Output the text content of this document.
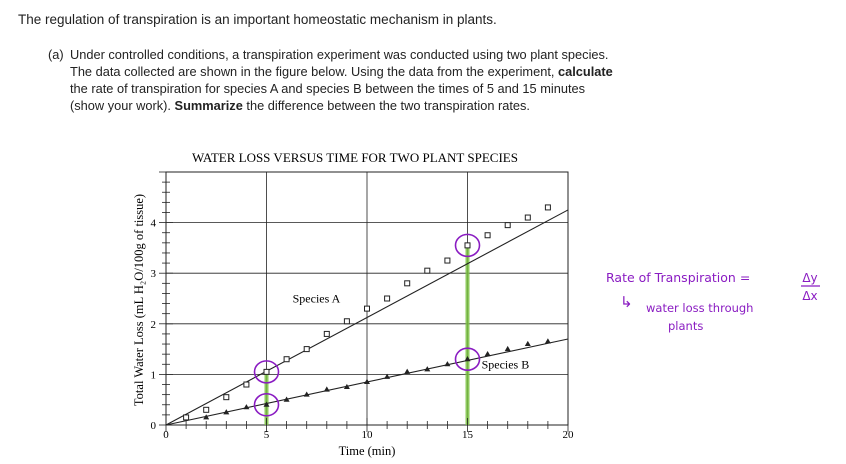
The regulation of transpiration is an important homeostatic mechanism in plants.
(a) Under controlled conditions, a transpiration experiment was conducted using two plant species.
The data collected are shown in the figure below. Using the data from the experiment, calculate
the rate of transpiration for species A and species B between the times of 5 and 15 minutes
(show your work). Summarize the difference between the two transpiration rates.
WATER LOSS VERSUS TIME FOR TWO PLANT SPECIES
0	5	10	15	20
0
1
2
3
4
Species A
Species B
Time (min)
Total Water Loss (mL H₂O/100g of tissue)	Rate of Transpiration =	Δy
Δx
↳ water loss through
plants
